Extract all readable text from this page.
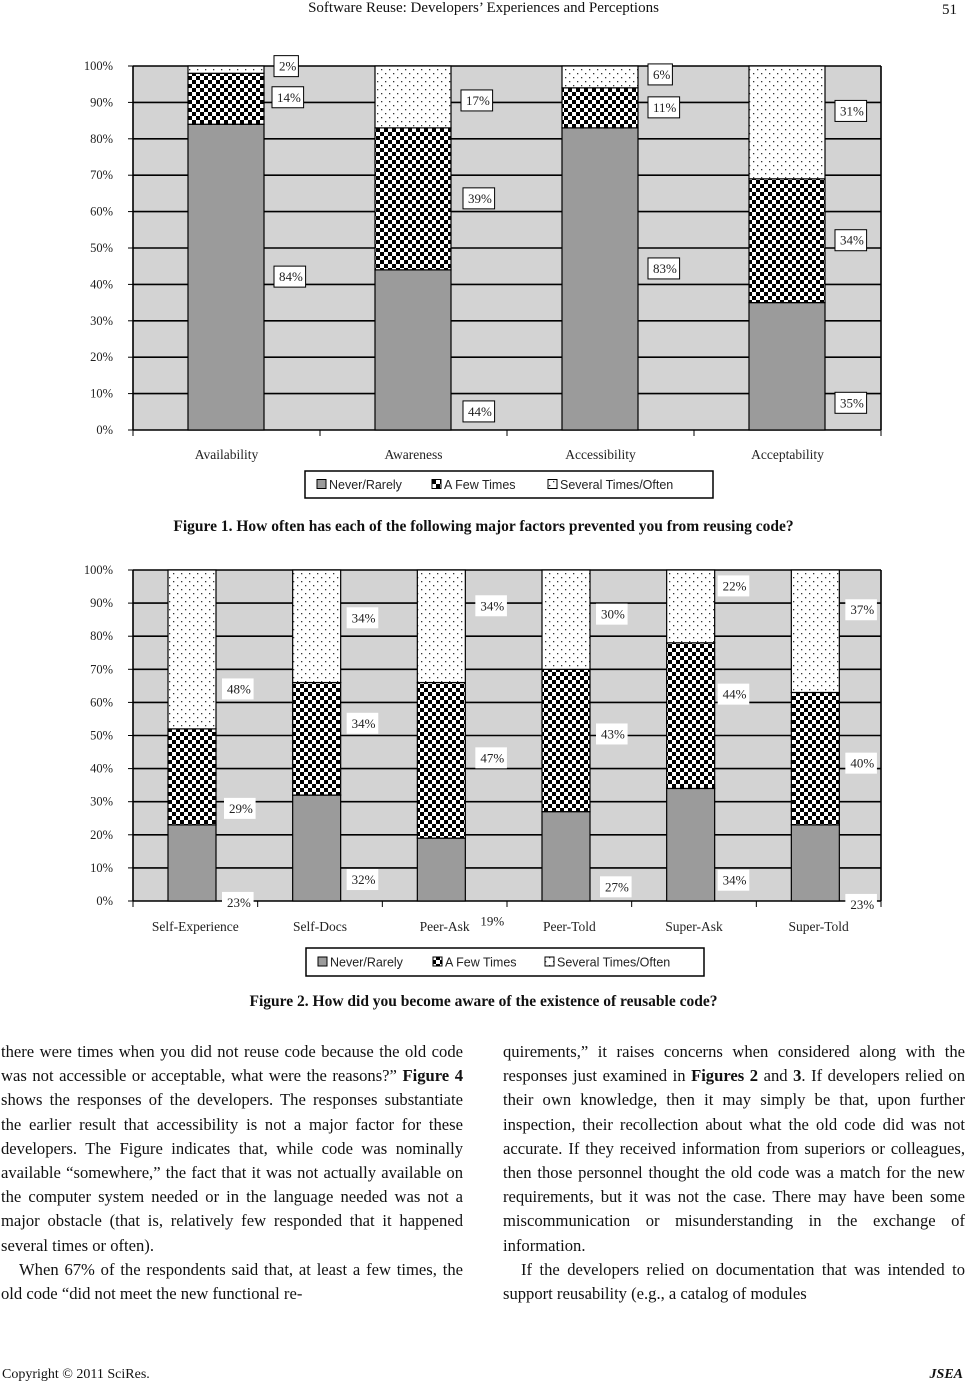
Software Reuse: Developers’ Experiences and Perceptions	51
0%
10%
20%
30%
40%
50%
60%
70%
80%
90%
100%
84%
14%
2%
Availability
44%
39%
17%
Awareness
83%
11%
6%
Accessibility
35%
34%
31%
Acceptability
Never/Rarely	A Few Times	Several Times/Often
Figure 1. How often has each of the following major factors prevented you from reusing code?
0%
10%
20%
30%
40%
50%
60%
70%
80%
90%
100%
23%
29%
48%
Self-Experience
32%
34%
34%
Self-Docs	19%
47%
34%
Peer-Ask
27%
43%
30%
Peer-Told
34%
44%
22%
Super-Ask
23%
40%
37%
Super-Told
Never/Rarely	A Few Times	Several Times/Often
Figure 2. How did you become aware of the existence of reusable code?

there were times when you did not reuse code because the old code was not accessible or acceptable, what were the reasons?” Figure 4 shows the responses of the developers. The responses substantiate the earlier result that accessibility is not a major factor for these developers. The Figure indicates that, while code was nominally available “somewhere,” the fact that it was not actually available on the computer system needed or in the language needed was not a major obstacle (that is, relatively few responded that it happened several times or often).

When 67% of the respondents said that, at least a few times, the old code “did not meet the new functional re-

quirements,” it raises concerns when considered along with the responses just examined in Figures 2 and 3. If developers relied on their own knowledge, then it may simply be that, upon further inspection, their recollection about what the old code did was not accurate. If they received information from superiors or colleagues, then those personnel thought the old code was a match for the new requirements, but it was not the case. There may have been some miscommunication or misunderstanding in the exchange of information.

If the developers relied on documentation that was intended to support reusability (e.g., a catalog of modules

Copyright © 2011 SciRes.	JSEA
